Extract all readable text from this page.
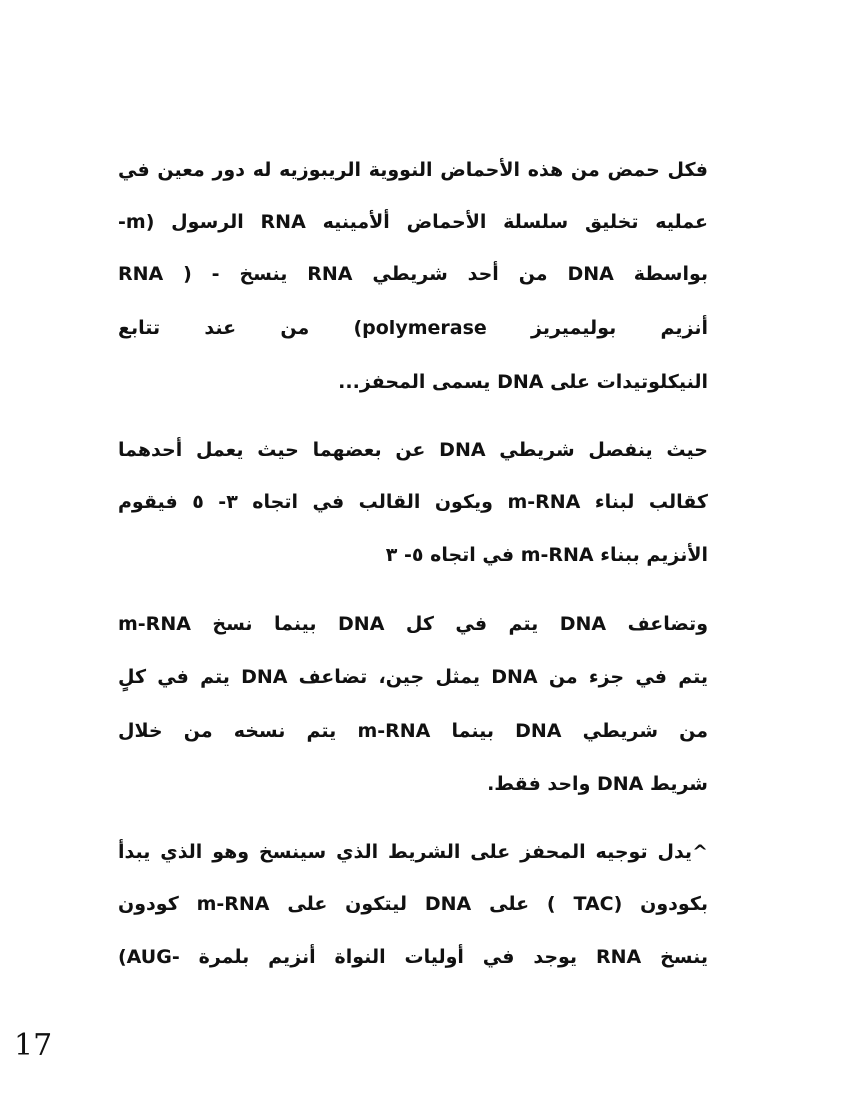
فكل حمض من هذه الأحماض النووية الريبوزيه له دور معين في
عمليه تخليق سلسلة الأحماض ألأمينيه RNA الرسول (m-
RNA ) - ينسخ RNA من أحد شريطي DNA بواسطة
أنزيم بوليميريز polymerase) من عند تتابع
النيكلوتيدات على DNA يسمى المحفز...
حيث ينفصل شريطي DNA عن بعضهما حيث يعمل أحدهما
كقالب لبناء m-RNA ويكون القالب في اتجاه ٣- ٥ فيقوم
الأنزيم ببناء m-RNA في اتجاه ٥- ٣
وتضاعف DNA يتم في كل DNA بينما نسخ m-RNA
يتم في جزء من DNA يمثل جين، تضاعف DNA يتم في كلٍ
من شريطي DNA بينما m-RNA يتم نسخه من خلال
شريط DNA واحد فقط.
^يدل توجيه المحفز على الشريط الذي سينسخ وهو الذي يبدأ
بكودون (TAC ) على DNA ليتكون على m-RNA كودون
(AUG- يوجد في أوليات النواة أنزيم بلمرة RNA ينسخ
17
